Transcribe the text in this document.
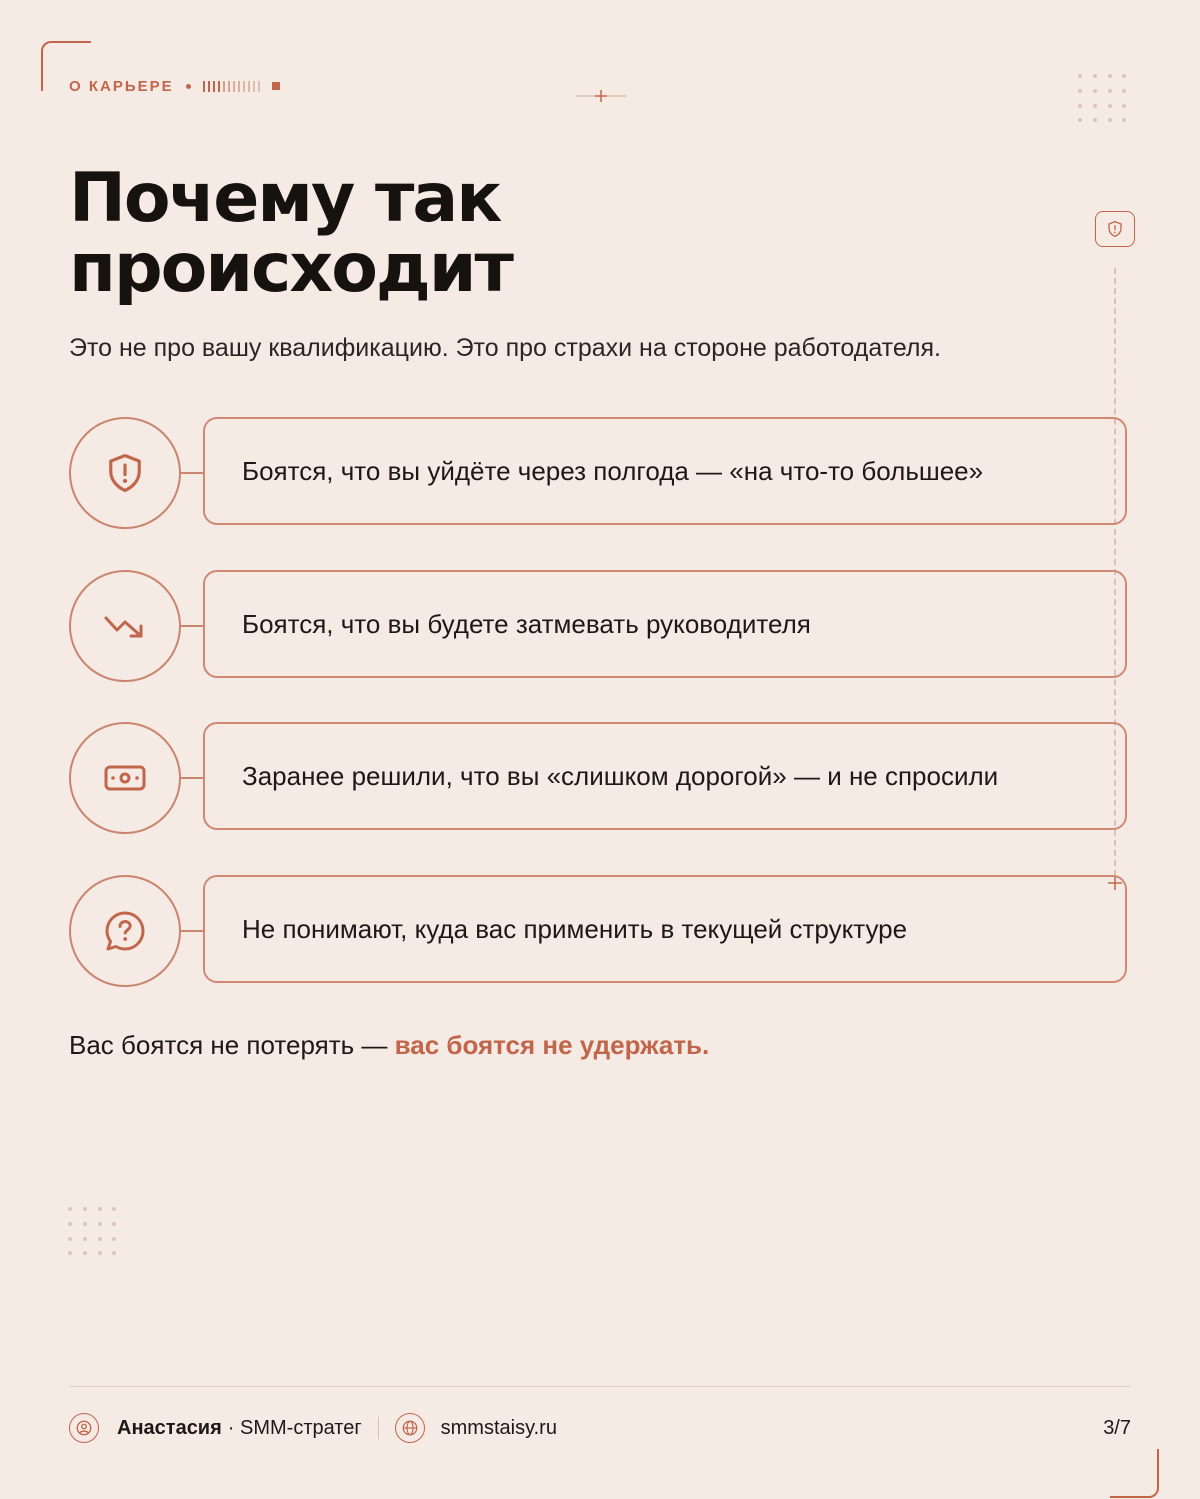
О КАРЬЕРЕ
Почему так
происходит
Это не про вашу квалификацию. Это про страхи на стороне работодателя.
Боятся, что вы уйдёте через полгода — «на что-то большее»
Боятся, что вы будете затмевать руководителя
Заранее решили, что вы «слишком дорогой» — и не спросили
Не понимают, куда вас применить в текущей структуре
Вас боятся не потерять — вас боятся не удержать.
Анастасия · SMM-стратег	smmstaisy.ru	3/7
